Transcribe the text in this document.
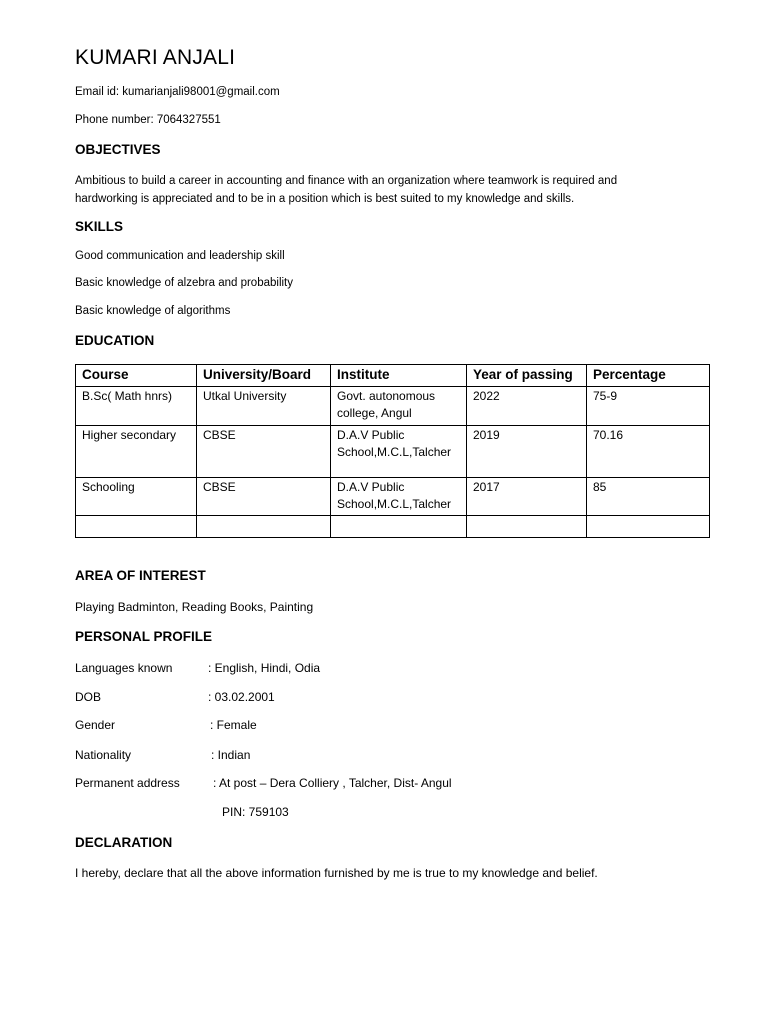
KUMARI ANJALI
Email id: kumarianjali98001@gmail.com
Phone number: 7064327551
OBJECTIVES
Ambitious to build a career in accounting and finance with an organization where teamwork is required and hardworking is appreciated and to be in a position which is best suited to my knowledge and skills.
SKILLS
Good communication and leadership skill
Basic knowledge of alzebra and probability
Basic knowledge of algorithms
EDUCATION
Course	University/Board	Institute	Year of passing	Percentage
B.Sc( Math hnrs)	Utkal University	Govt. autonomous college, Angul	2022	75-9
Higher secondary	CBSE	D.A.V Public School,M.C.L,Talcher	2019	70.16
Schooling	CBSE	D.A.V Public School,M.C.L,Talcher	2017	85

AREA OF INTEREST
Playing Badminton, Reading Books, Painting
PERSONAL PROFILE
Languages known	: English, Hindi, Odia
DOB	: 03.02.2001
Gender	: Female
Nationality	: Indian
Permanent address	: At post – Dera Colliery , Talcher, Dist- Angul
PIN: 759103
DECLARATION
I hereby, declare that all the above information furnished by me is true to my knowledge and belief.
